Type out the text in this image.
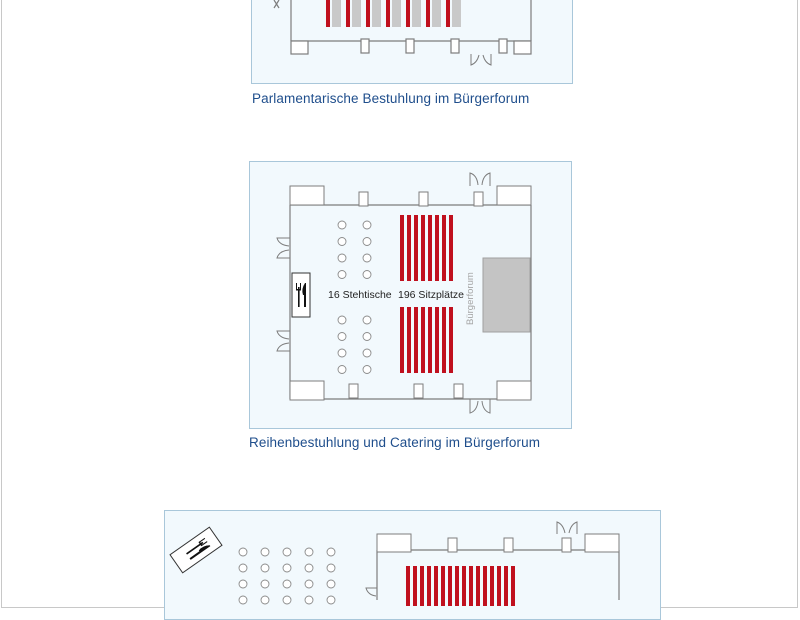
Parlamentarische Bestuhlung im Bürgerforum
16 Stehtische 196 Sitzplätze Bürgerforum
Reihenbestuhlung und Catering im Bürgerforum
